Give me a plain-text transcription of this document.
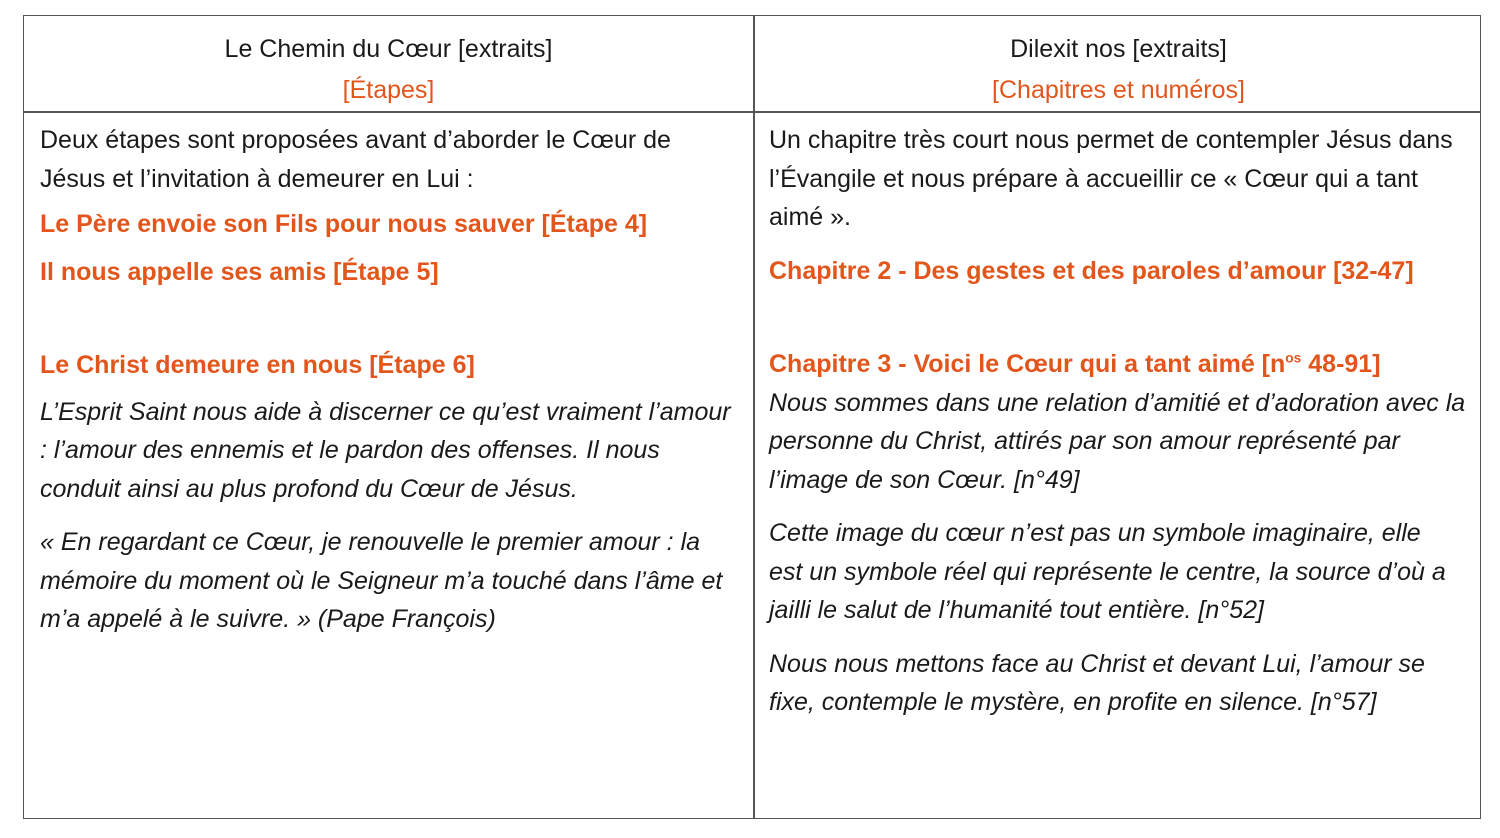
Le Chemin du Cœur [extraits]
[Étapes]
Dilexit nos [extraits]
[Chapitres et numéros]

Deux étapes sont proposées avant d’aborder le Cœur de Jésus et l’invitation à demeurer en Lui :

Le Père envoie son Fils pour nous sauver [Étape 4]

Il nous appelle ses amis [Étape 5]

Le Christ demeure en nous [Étape 6]

L’Esprit Saint nous aide à discerner ce qu’est vraiment l’amour : l’amour des ennemis et le pardon des offenses. Il nous conduit ainsi au plus profond du Cœur de Jésus.

« En regardant ce Cœur, je renouvelle le premier amour : la mémoire du moment où le Seigneur m’a touché dans l’âme et m’a appelé à le suivre. » (Pape François)

Un chapitre très court nous permet de contempler Jésus dans l’Évangile et nous prépare à accueillir ce « Cœur qui a tant aimé ».

Chapitre 2 - Des gestes et des paroles d’amour [32-47]

Chapitre 3 - Voici le Cœur qui a tant aimé [$n^{os}$ 48-91]

Nous sommes dans une relation d’amitié et d’adoration avec la personne du Christ, attirés par son amour représenté par l’image de son Cœur. [n°49]

Cette image du cœur n’est pas un symbole imaginaire, elle est un symbole réel qui représente le centre, la source d’où a jailli le salut de l’humanité tout entière. [n°52]

Nous nous mettons face au Christ et devant Lui, l’amour se fixe, contemple le mystère, en profite en silence. [n°57]
